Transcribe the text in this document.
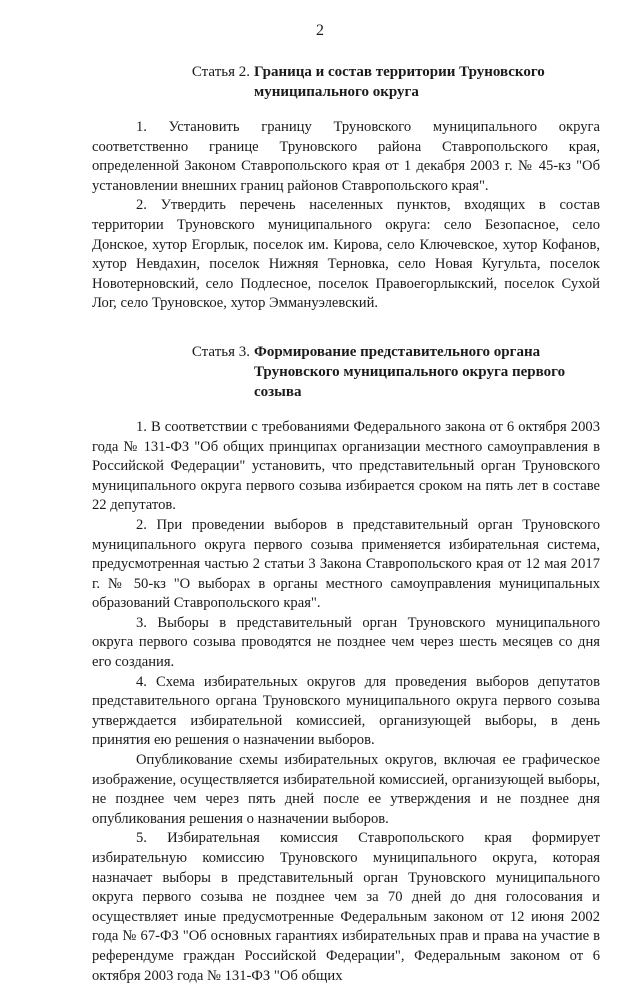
2
Статья 2. Граница и состав территории Труновского муниципального округа

1. Установить границу Труновского муниципального округа соответственно границе Труновского района Ставропольского края, определенной Законом Ставропольского края от 1 декабря 2003 г. № 45-кз "Об установлении внешних границ районов Ставропольского края".

2. Утвердить перечень населенных пунктов, входящих в состав территории Труновского муниципального округа: село Безопасное, село Донское, хутор Егорлык, поселок им. Кирова, село Ключевское, хутор Кофанов, хутор Невдахин, поселок Нижняя Терновка, село Новая Кугульта, поселок Новотерновский, село Подлесное, поселок Правоегорлыкский, поселок Сухой Лог, село Труновское, хутор Эммануэлевский.

Статья 3. Формирование представительного органа Труновского муниципального округа первого созыва

1. В соответствии с требованиями Федерального закона от 6 октября 2003 года № 131-ФЗ "Об общих принципах организации местного самоуправления в Российской Федерации" установить, что представительный орган Труновского муниципального округа первого созыва избирается сроком на пять лет в составе 22 депутатов.

2. При проведении выборов в представительный орган Труновского муниципального округа первого созыва применяется избирательная система, предусмотренная частью 2 статьи 3 Закона Ставропольского края от 12 мая 2017 г. № 50-кз "О выборах в органы местного самоуправления муниципальных образований Ставропольского края".

3. Выборы в представительный орган Труновского муниципального округа первого созыва проводятся не позднее чем через шесть месяцев со дня его создания.

4. Схема избирательных округов для проведения выборов депутатов представительного органа Труновского муниципального округа первого созыва утверждается избирательной комиссией, организующей выборы, в день принятия ею решения о назначении выборов.

Опубликование схемы избирательных округов, включая ее графическое изображение, осуществляется избирательной комиссией, организующей выборы, не позднее чем через пять дней после ее утверждения и не позднее дня опубликования решения о назначении выборов.

5. Избирательная комиссия Ставропольского края формирует избирательную комиссию Труновского муниципального округа, которая назначает выборы в представительный орган Труновского муниципального округа первого созыва не позднее чем за 70 дней до дня голосования и осуществляет иные предусмотренные Федеральным законом от 12 июня 2002 года № 67-ФЗ "Об основных гарантиях избирательных прав и права на участие в референдуме граждан Российской Федерации", Федеральным законом от 6 октября 2003 года № 131-ФЗ "Об общих
